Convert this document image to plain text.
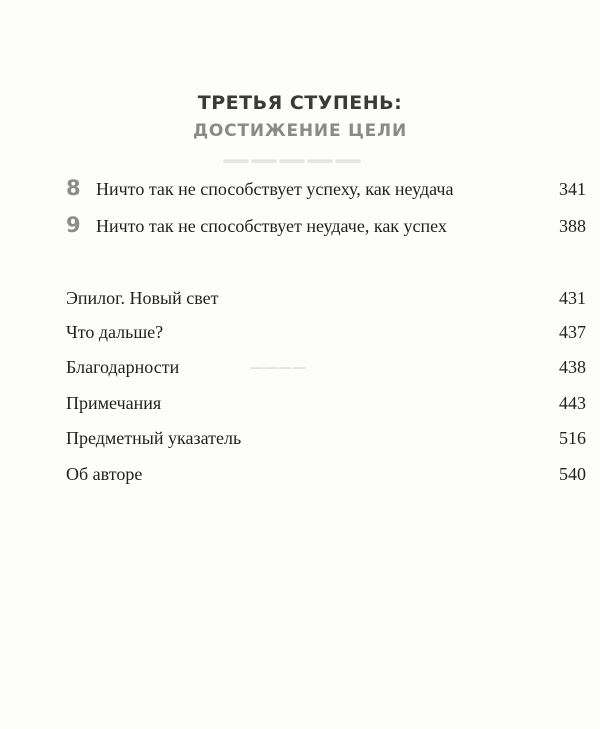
—————
————
ТРЕТЬЯ СТУПЕНЬ:
ДОСТИЖЕНИЕ ЦЕЛИ
8 Ничто так не способствует успеху, как неудача	341
9 Ничто так не способствует неудаче, как успех	388
Эпилог. Новый свет	431
Что дальше?	437
Благодарности	438
Примечания	443
Предметный указатель	516
Об авторе	540
